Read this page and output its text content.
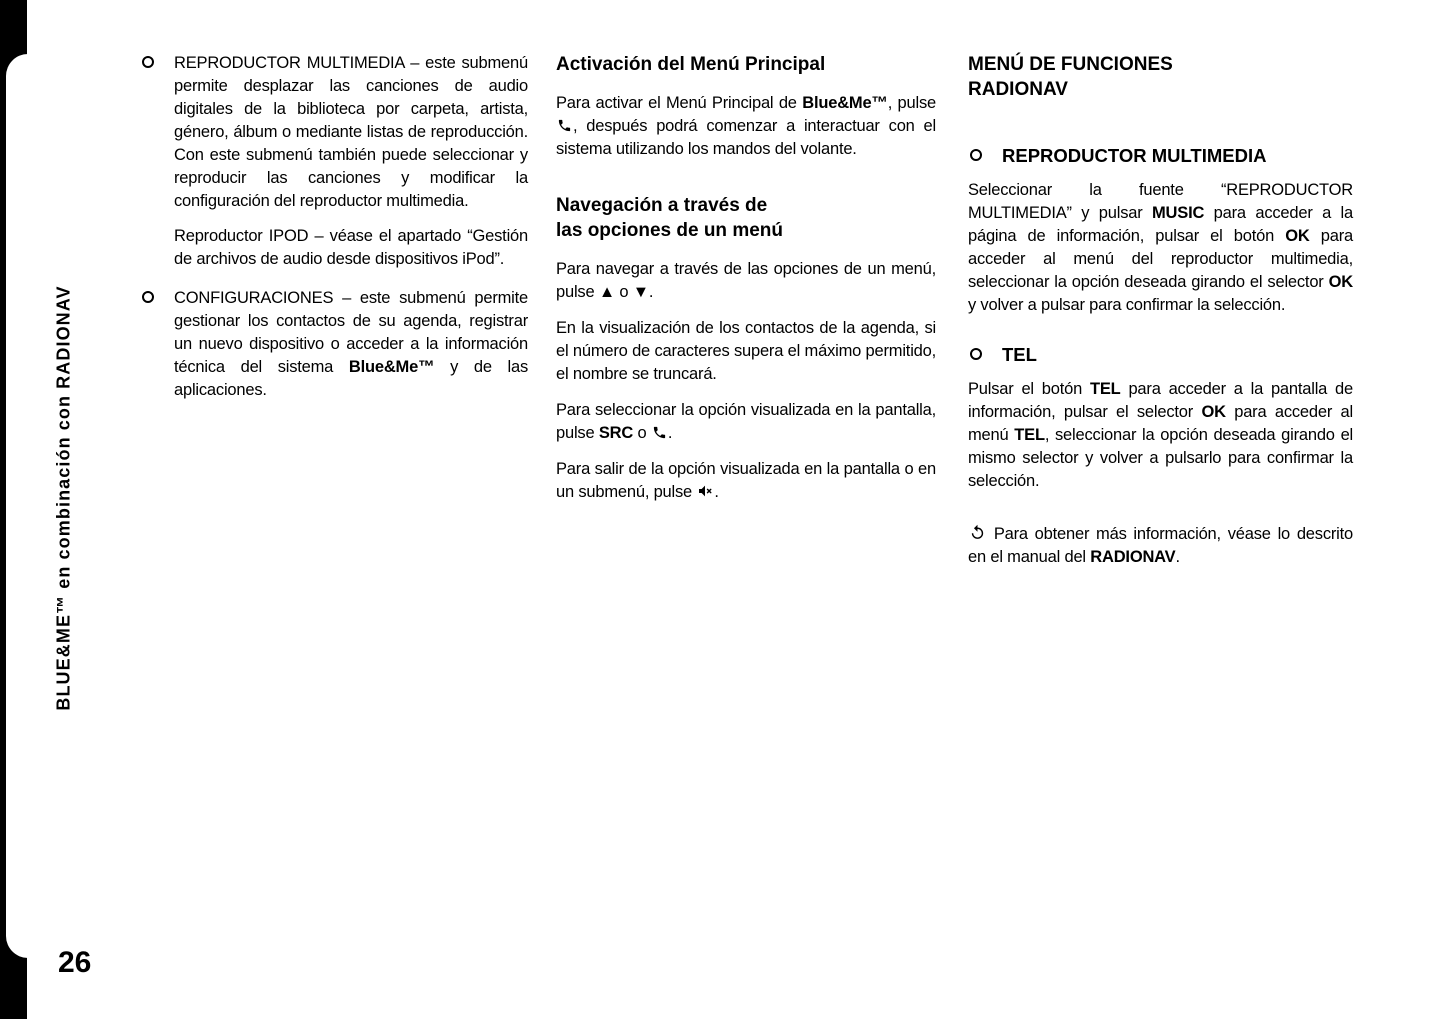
BLUE&ME™ en combinación con RADIONAV
26
REPRODUCTOR MULTIMEDIA – este submenú permite desplazar las canciones de audio digitales de la biblioteca por carpeta, artista, género, álbum o mediante listas de reproducción. Con este submenú también puede seleccionar y reproducir las canciones y modificar la configuración del reproductor multimedia.
Reproductor IPOD – véase el apartado “Gestión de archivos de audio desde dispositivos iPod”.
CONFIGURACIONES – este submenú permite gestionar los contactos de su agenda, registrar un nuevo dispositivo o acceder a la información técnica del sistema Blue&Me™ y de las aplicaciones.
Activación del Menú Principal
Para activar el Menú Principal de Blue&Me™, pulse , después podrá comenzar a interactuar con el sistema utilizando los mandos del volante.
Navegación a través de
las opciones de un menú
Para navegar a través de las opciones de un menú, pulse ▲ o ▼.
En la visualización de los contactos de la agenda, si el número de caracteres supera el máximo permitido, el nombre se truncará.
Para seleccionar la opción visualizada en la pantalla, pulse SRC o .
Para salir de la opción visualizada en la pantalla o en un submenú, pulse .
MENÚ DE FUNCIONES
RADIONAV
REPRODUCTOR MULTIMEDIA
Seleccionar la fuente “REPRODUCTOR MULTIMEDIA” y pulsar MUSIC para acceder a la página de información, pulsar el botón OK para acceder al menú del reproductor multimedia, seleccionar la opción deseada girando el selector OK y volver a pulsar para confirmar la selección.
TEL
Pulsar el botón TEL para acceder a la pantalla de información, pulsar el selector OK para acceder al menú TEL, seleccionar la opción deseada girando el mismo selector y volver a pulsarlo para confirmar la selección.
Para obtener más información, véase lo descrito en el manual del RADIONAV.
